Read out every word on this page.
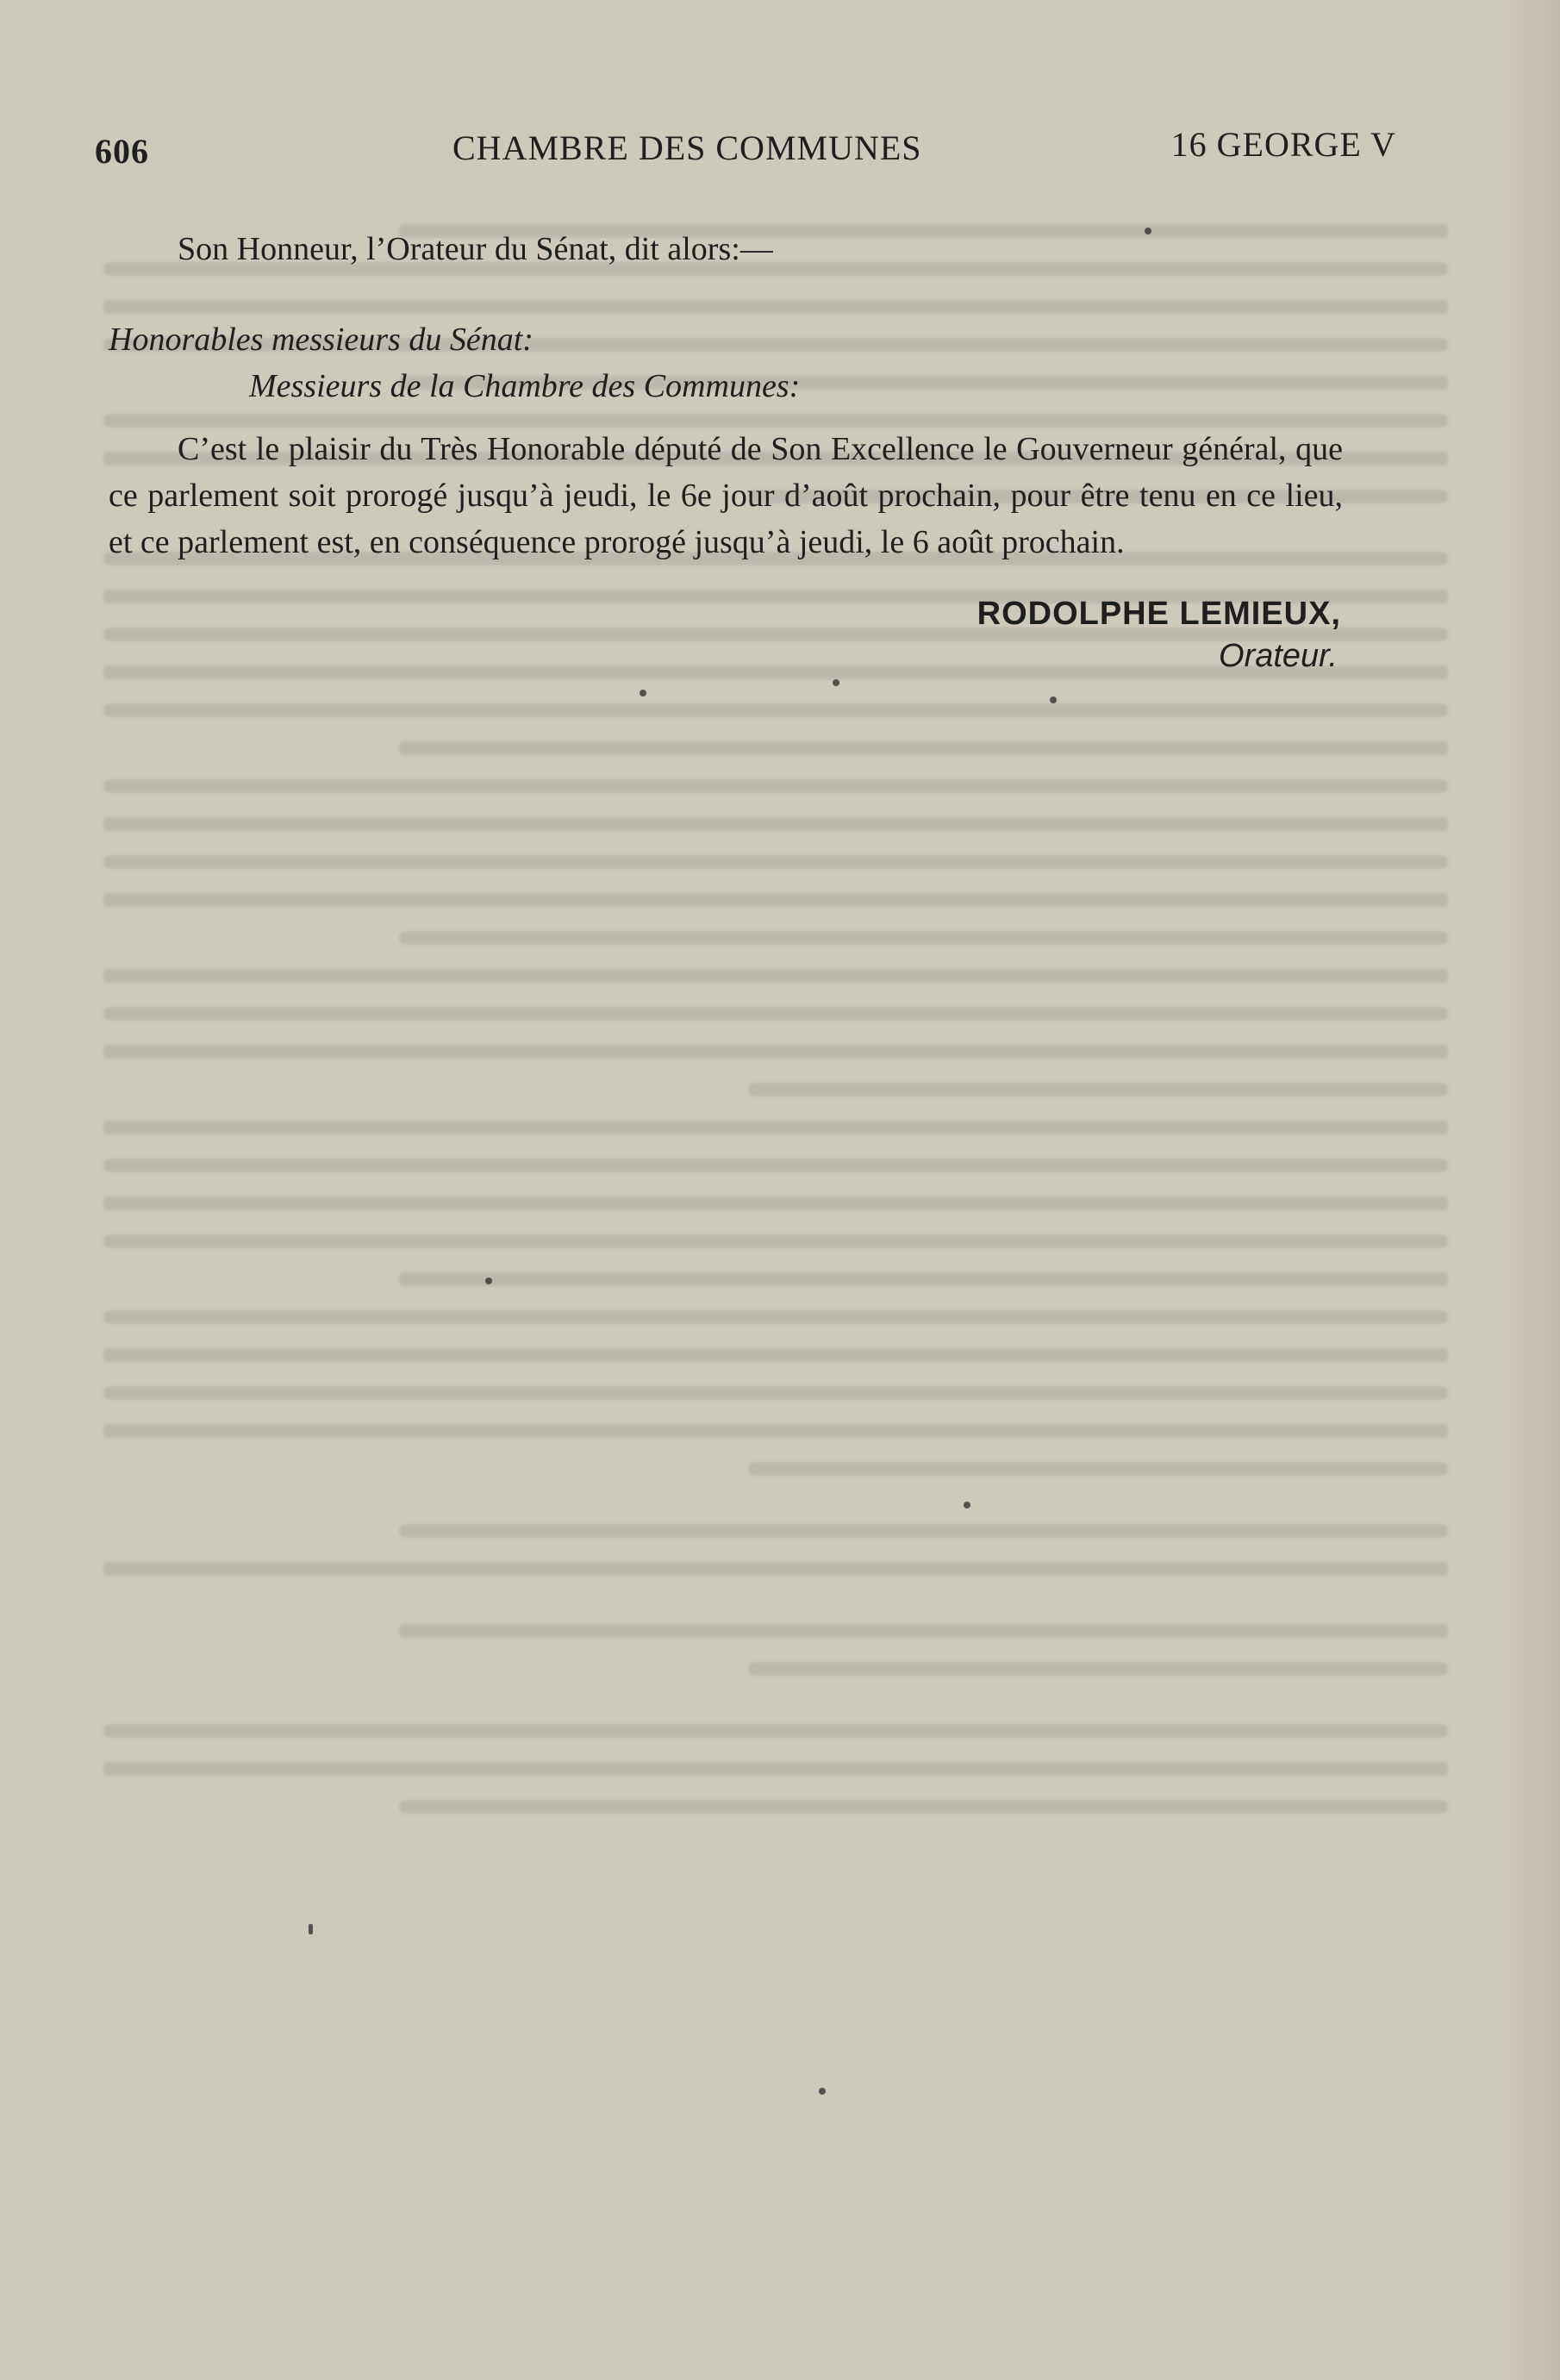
606	CHAMBRE DES COMMUNES	16 GEORGE V
Son Honneur, l’Orateur du Sénat, dit alors:—
Honorables messieurs du Sénat:
Messieurs de la Chambre des Communes:

C’est le plaisir du Très Honorable député de Son Excellence le Gouverneur général, que ce parlement soit prorogé jusqu’à jeudi, le 6e jour d’août prochain, pour être tenu en ce lieu, et ce parlement est, en conséquence prorogé jusqu’à jeudi, le 6 août prochain.

RODOLPHE LEMIEUX,
Orateur.
